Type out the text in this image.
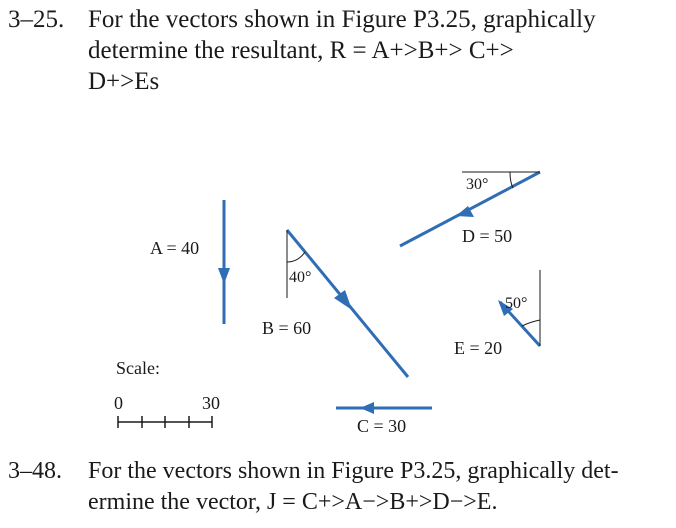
3–25. For the vectors shown in Figure P3.25, graphically
determine the resultant, R = A+>B+> C+>
D+>Es
A = 40
B = 60
40°
C = 30
D = 50
30°
E = 20
50°
Scale:
0	30
3–48. For the vectors shown in Figure P3.25, graphically det-
ermine the vector, J = C+>A−>B+>D−>E.
